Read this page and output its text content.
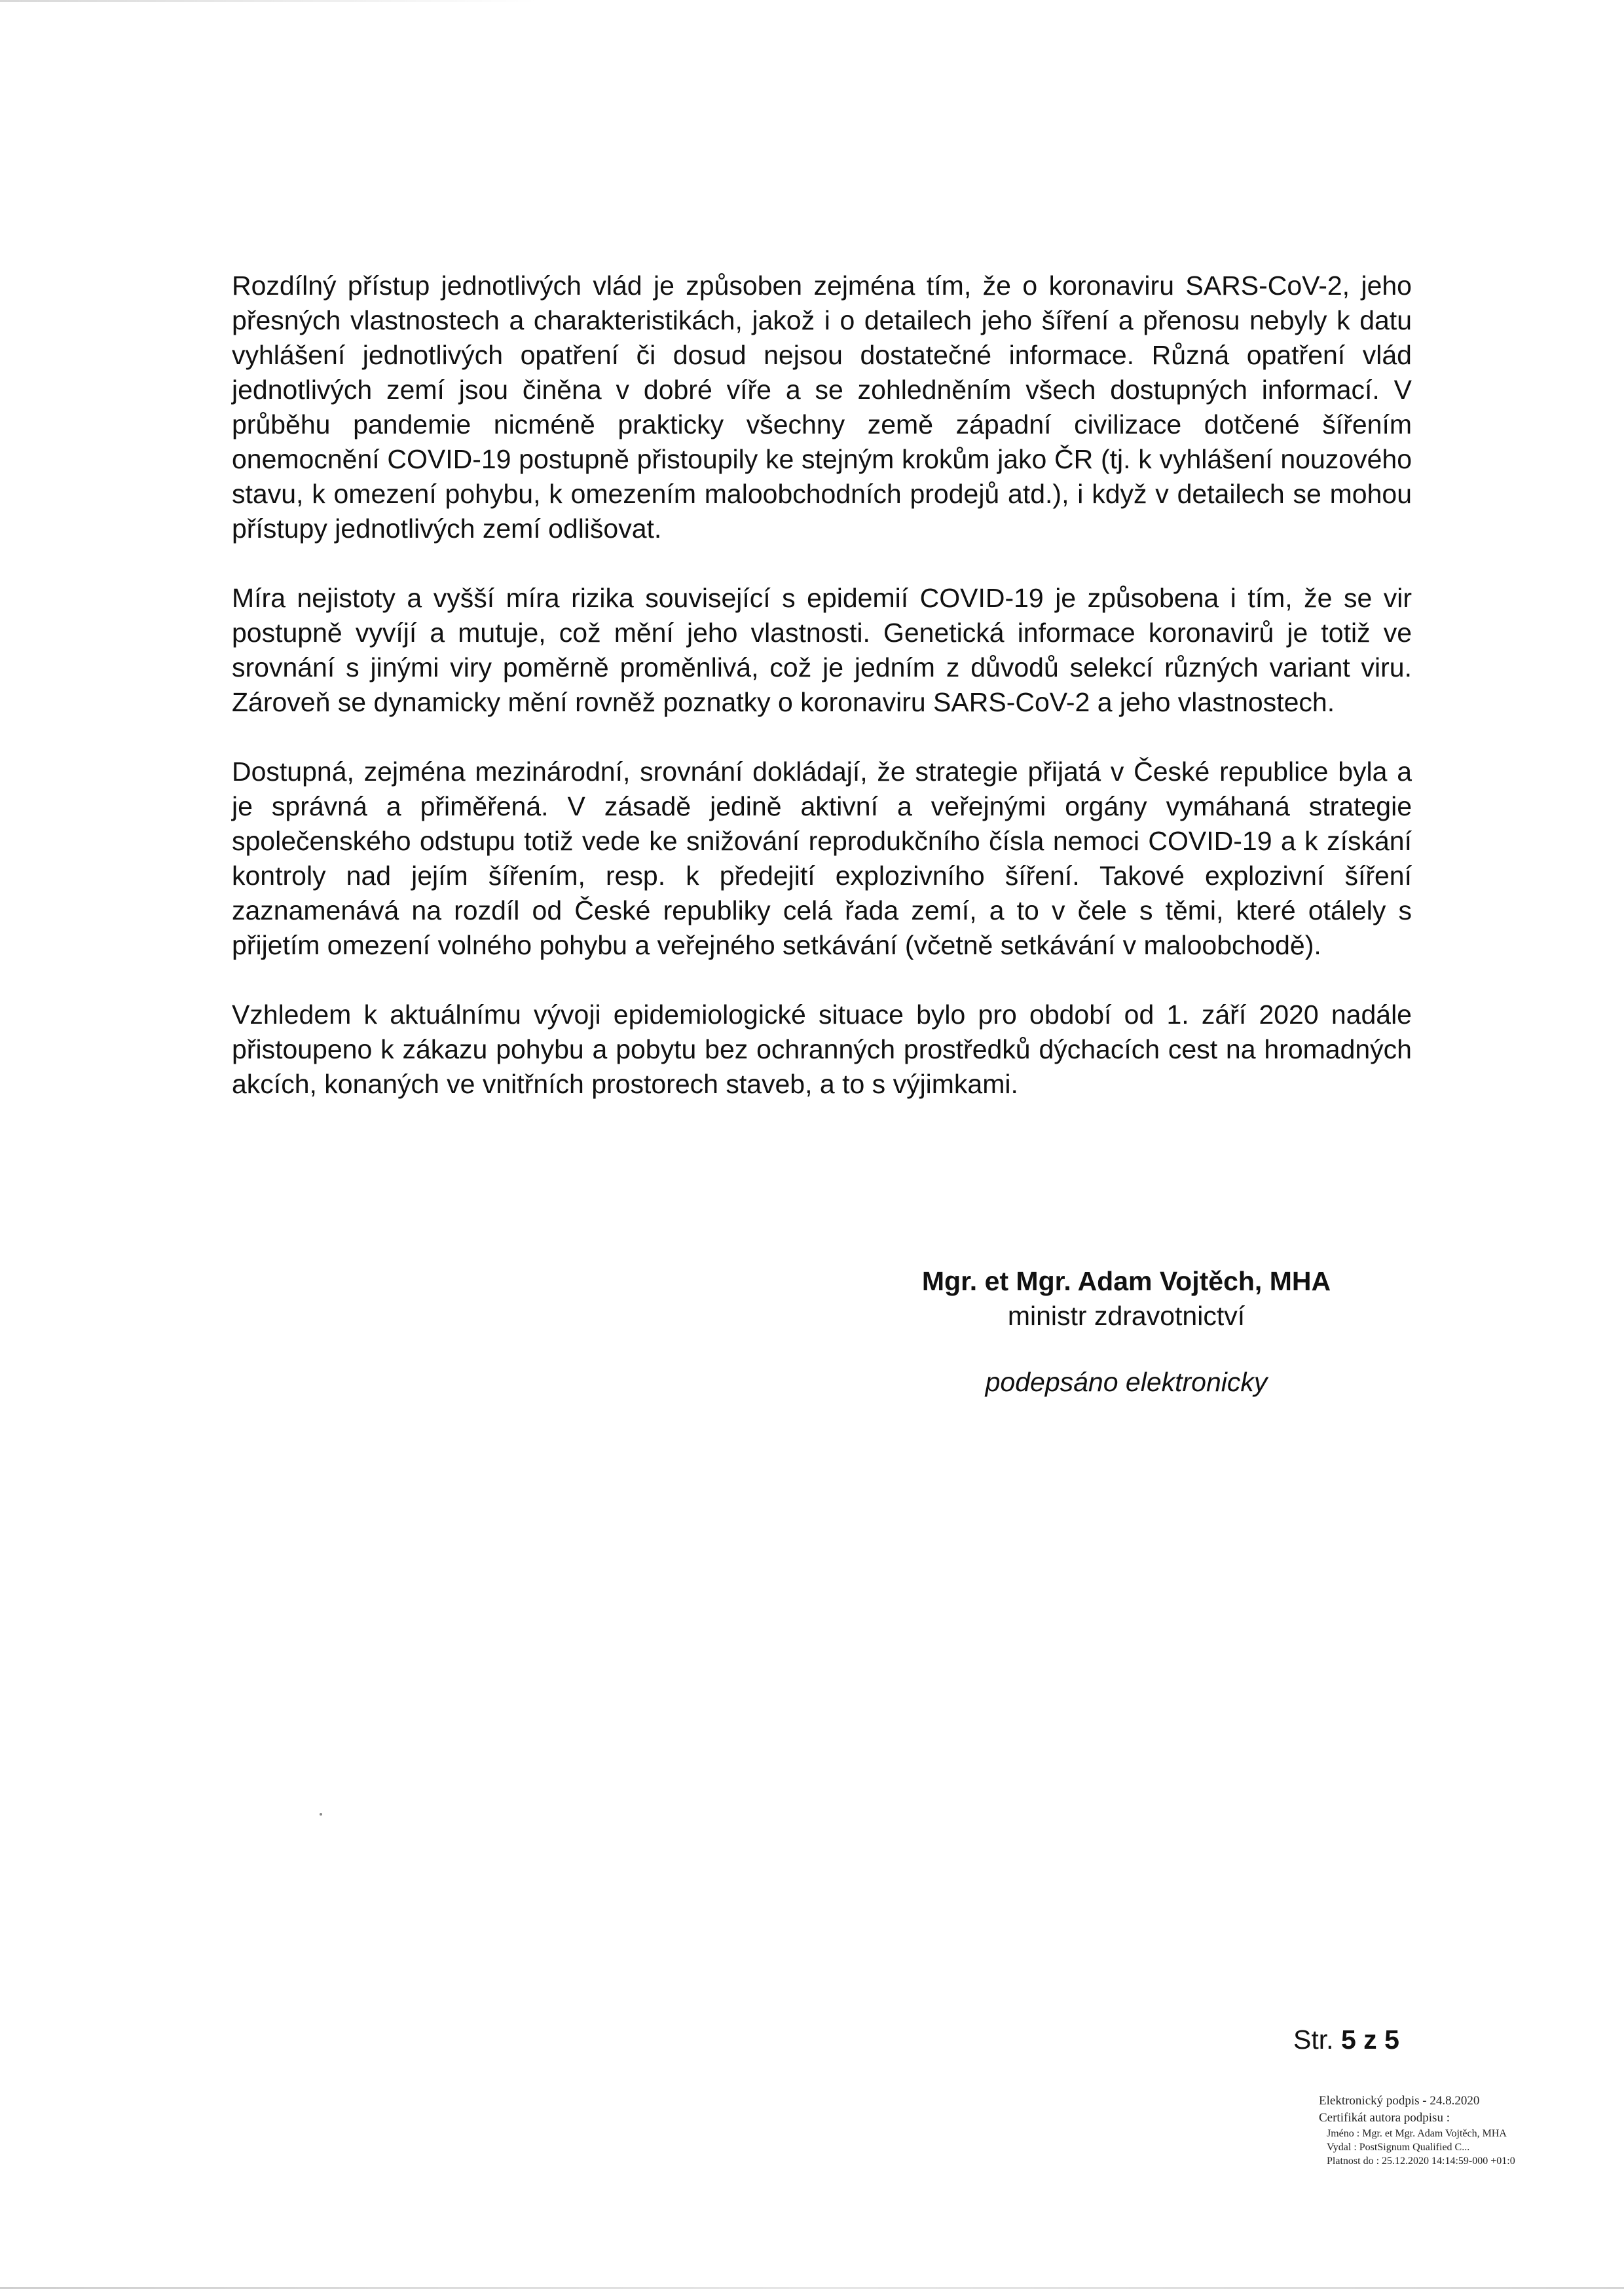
Rozdílný přístup jednotlivých vlád je způsoben zejména tím, že o koronaviru SARS-CoV-2, jeho přesných vlastnostech a charakteristikách, jakož i o detailech jeho šíření a přenosu nebyly k datu vyhlášení jednotlivých opatření či dosud nejsou dostatečné informace. Různá opatření vlád jednotlivých zemí jsou činěna v dobré víře a se zohledněním všech dostupných informací. V průběhu pandemie nicméně prakticky všechny země západní civilizace dotčené šířením onemocnění COVID-19 postupně přistoupily ke stejným krokům jako ČR (tj. k vyhlášení nouzového stavu, k omezení pohybu, k omezením maloobchodních prodejů atd.), i když v detailech se mohou přístupy jednotlivých zemí odlišovat.

Míra nejistoty a vyšší míra rizika související s epidemií COVID-19 je způsobena i tím, že se vir postupně vyvíjí a mutuje, což mění jeho vlastnosti. Genetická informace koronavirů je totiž ve srovnání s jinými viry poměrně proměnlivá, což je jedním z důvodů selekcí různých variant viru. Zároveň se dynamicky mění rovněž poznatky o koronaviru SARS-CoV-2 a jeho vlastnostech.

Dostupná, zejména mezinárodní, srovnání dokládají, že strategie přijatá v České republice byla a je správná a přiměřená. V zásadě jedině aktivní a veřejnými orgány vymáhaná strategie společenského odstupu totiž vede ke snižování reprodukčního čísla nemoci COVID-19 a k získání kontroly nad jejím šířením, resp. k předejití explozivního šíření. Takové explozivní šíření zaznamenává na rozdíl od České republiky celá řada zemí, a to v čele s těmi, které otálely s přijetím omezení volného pohybu a veřejného setkávání (včetně setkávání v maloobchodě).

Vzhledem k aktuálnímu vývoji epidemiologické situace bylo pro období od 1. září 2020 nadále přistoupeno k zákazu pohybu a pobytu bez ochranných prostředků dýchacích cest na hromadných akcích, konaných ve vnitřních prostorech staveb, a to s výjimkami.

Mgr. et Mgr. Adam Vojtěch, MHA
ministr zdravotnictví
podepsáno elektronicky
Str. 5 z 5
Elektronický podpis - 24.8.2020
Certifikát autora podpisu :
Jméno : Mgr. et Mgr. Adam Vojtěch, MHA
Vydal : PostSignum Qualified C...
Platnost do : 25.12.2020 14:14:59-000 +01:0
